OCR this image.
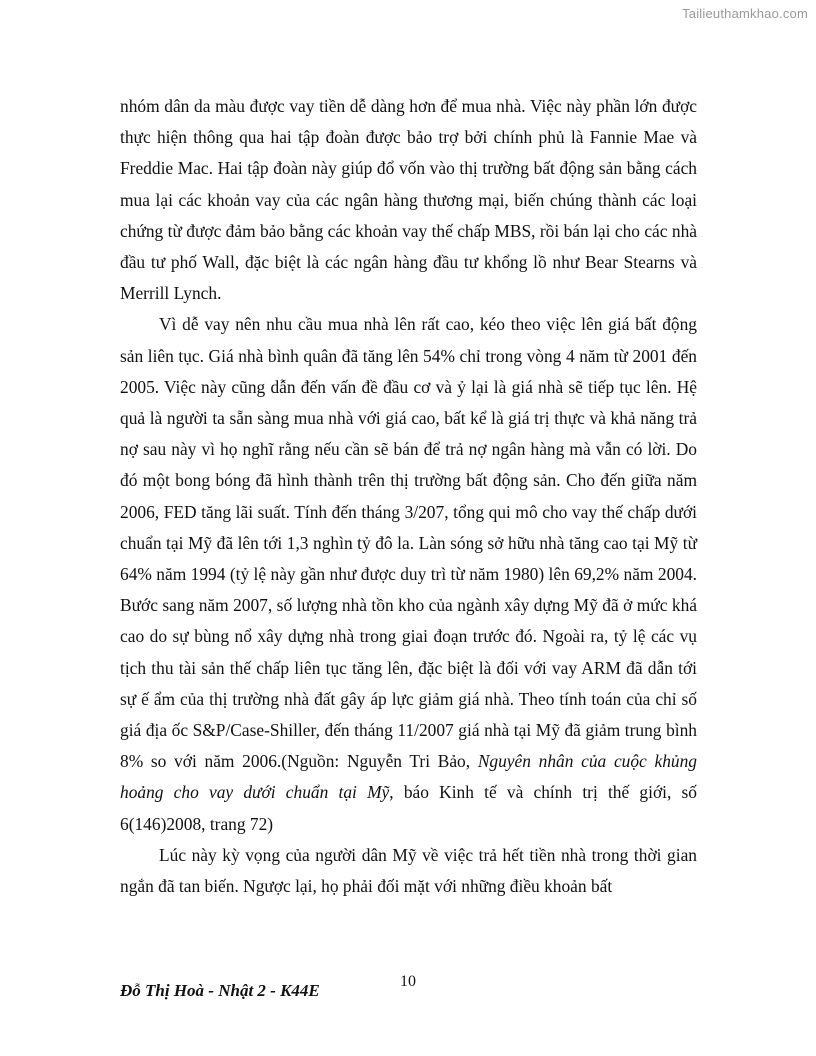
Tailieuthamkhao.com

nhóm dân da màu được vay tiền dễ dàng hơn để mua nhà. Việc này phần lớn được thực hiện thông qua hai tập đoàn được bảo trợ bởi chính phủ là Fannie Mae và Freddie Mac. Hai tập đoàn này giúp đổ vốn vào thị trường bất động sản bằng cách mua lại các khoản vay của các ngân hàng thương mại, biến chúng thành các loại chứng từ được đảm bảo bằng các khoản vay thế chấp MBS, rồi bán lại cho các nhà đầu tư phố Wall, đặc biệt là các ngân hàng đầu tư khổng lồ như Bear Stearns và Merrill Lynch.

Vì dễ vay nên nhu cầu mua nhà lên rất cao, kéo theo việc lên giá bất động sản liên tục. Giá nhà bình quân đã tăng lên 54% chỉ trong vòng 4 năm từ 2001 đến 2005. Việc này cũng dẫn đến vấn đề đầu cơ và ỷ lại là giá nhà sẽ tiếp tục lên. Hệ quả là người ta sẵn sàng mua nhà với giá cao, bất kể là giá trị thực và khả năng trả nợ sau này vì họ nghĩ rằng nếu cần sẽ bán để trả nợ ngân hàng mà vẫn có lời. Do đó một bong bóng đã hình thành trên thị trường bất động sản. Cho đến giữa năm 2006, FED tăng lãi suất. Tính đến tháng 3/207, tổng qui mô cho vay thế chấp dưới chuẩn tại Mỹ đã lên tới 1,3 nghìn tỷ đô la. Làn sóng sở hữu nhà tăng cao tại Mỹ từ 64% năm 1994 (tỷ lệ này gần như được duy trì từ năm 1980) lên 69,2% năm 2004. Bước sang năm 2007, số lượng nhà tồn kho của ngành xây dựng Mỹ đã ở mức khá cao do sự bùng nổ xây dựng nhà trong giai đoạn trước đó. Ngoài ra, tỷ lệ các vụ tịch thu tài sản thế chấp liên tục tăng lên, đặc biệt là đối với vay ARM đã dẫn tới sự ế ẩm của thị trường nhà đất gây áp lực giảm giá nhà. Theo tính toán của chỉ số giá địa ốc S&P/Case-Shiller, đến tháng 11/2007 giá nhà tại Mỹ đã giảm trung bình 8% so với năm 2006.(Nguồn: Nguyễn Tri Bảo, Nguyên nhân của cuộc khủng hoảng cho vay dưới chuẩn tại Mỹ, báo Kinh tế và chính trị thế giới, số 6(146)2008, trang 72)

Lúc này kỳ vọng của người dân Mỹ về việc trả hết tiền nhà trong thời gian ngắn đã tan biến. Ngược lại, họ phải đối mặt với những điều khoản bất

10
Đỗ Thị Hoà - Nhật 2 - K44E
